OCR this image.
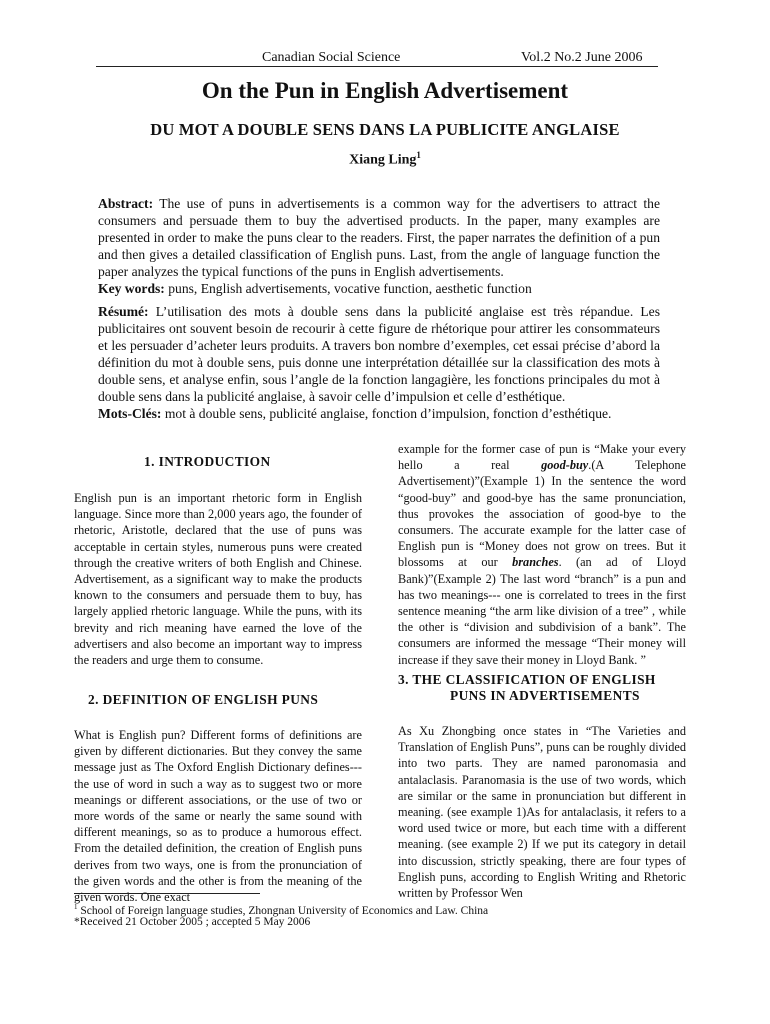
Canadian Social Science	Vol.2 No.2 June 2006
On the Pun in English Advertisement
DU MOT A DOUBLE SENS DANS LA PUBLICITE ANGLAISE
Xiang Ling$^1$

Abstract: The use of puns in advertisements is a common way for the advertisers to attract the consumers and persuade them to buy the advertised products. In the paper, many examples are presented in order to make the puns clear to the readers. First, the paper narrates the definition of a pun and then gives a detailed classification of English puns. Last, from the angle of language function the paper analyzes the typical functions of the puns in English advertisements.

Key words: puns, English advertisements, vocative function, aesthetic function

Résumé: L’utilisation des mots à double sens dans la publicité anglaise est très répandue. Les publicitaires ont souvent besoin de recourir à cette figure de rhétorique pour attirer les consommateurs et les persuader d’acheter leurs produits. A travers bon nombre d’exemples, cet essai précise d’abord la définition du mot à double sens, puis donne une interprétation détaillée sur la classification des mots à double sens, et analyse enfin, sous l’angle de la fonction langagière, les fonctions principales du mot à double sens dans la publicité anglaise, à savoir celle d’impulsion et celle d’esthétique.

Mots-Clés: mot à double sens, publicité anglaise, fonction d’impulsion, fonction d’esthétique.

1. INTRODUCTION

English pun is an important rhetoric form in English language. Since more than 2,000 years ago, the founder of rhetoric, Aristotle, declared that the use of puns was acceptable in certain styles, numerous puns were created through the creative writers of both English and Chinese. Advertisement, as a significant way to make the products known to the consumers and persuade them to buy, has largely applied rhetoric language. While the puns, with its brevity and rich meaning have earned the love of the advertisers and also become an important way to impress the readers and urge them to consume.

2. DEFINITION OF ENGLISH PUNS

What is English pun? Different forms of definitions are given by different dictionaries. But they convey the same message just as The Oxford English Dictionary defines---the use of word in such a way as to suggest two or more meanings or different associations, or the use of two or more words of the same or nearly the same sound with different meanings, so as to produce a humorous effect. From the detailed definition, the creation of English puns derives from two ways, one is from the pronunciation of the given words and the other is from the meaning of the given words. One exact

example for the former case of pun is “Make your every hello a real good-buy.(A Telephone Advertisement)”(Example 1) In the sentence the word “good-buy” and good-bye has the same pronunciation, thus provokes the association of good-bye to the consumers. The accurate example for the latter case of English pun is “Money does not grow on trees. But it blossoms at our branches. (an ad of Lloyd Bank)”(Example 2) The last word “branch” is a pun and has two meanings--- one is correlated to trees in the first sentence meaning “the arm like division of a tree” , while the other is “division and subdivision of a bank”. The consumers are informed the message “Their money will increase if they save their money in Lloyd Bank. ”

3. THE CLASSIFICATION OF ENGLISH
PUNS IN ADVERTISEMENTS

As Xu Zhongbing once states in “The Varieties and Translation of English Puns”, puns can be roughly divided into two parts. They are named paronomasia and antalaclasis. Paranomasia is the use of two words, which are similar or the same in pronunciation but different in meaning. (see example 1)As for antalaclasis, it refers to a word used twice or more, but each time with a different meaning. (see example 2) If we put its category in detail into discussion, strictly speaking, there are four types of English puns, according to English Writing and Rhetoric written by Professor Wen

$^1$ School of Foreign language studies, Zhongnan University of Economics and Law. China
*Received 21 October 2005 ; accepted 5 May 2006
